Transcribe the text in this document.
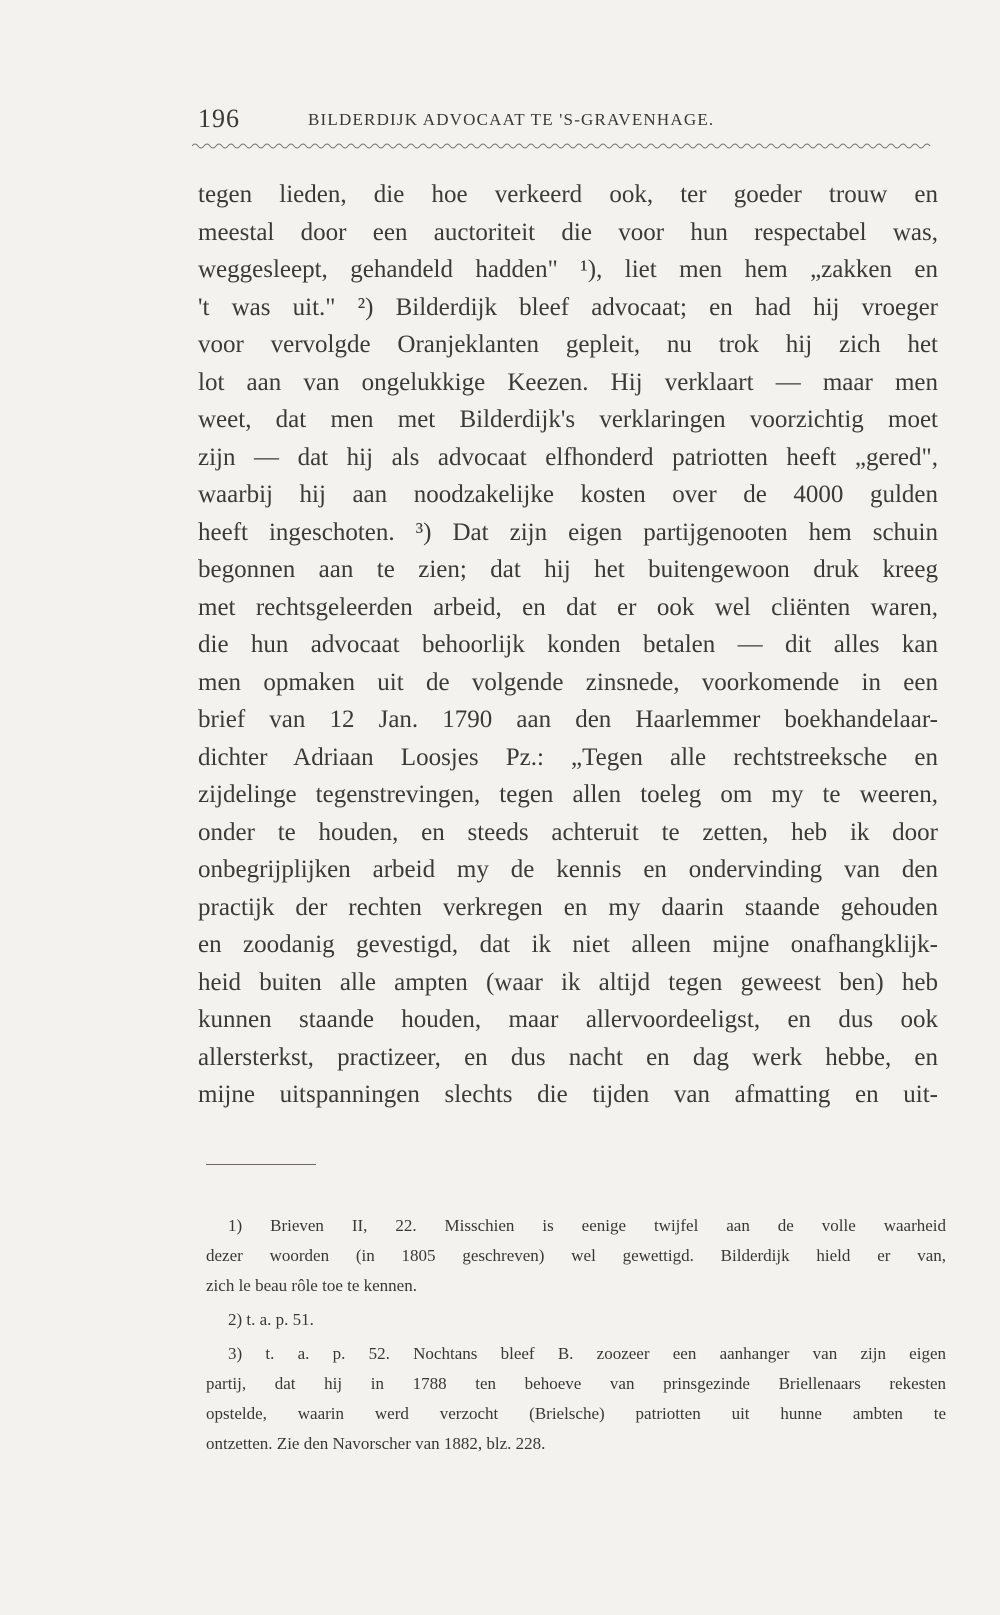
196	BILDERDIJK ADVOCAAT TE 'S-GRAVENHAGE.
tegen lieden, die hoe verkeerd ook, ter goeder trouw en
meestal door een auctoriteit die voor hun respectabel was,
weggesleept, gehandeld hadden" ¹), liet men hem „zakken en
't was uit." ²) Bilderdijk bleef advocaat; en had hij vroeger
voor vervolgde Oranjeklanten gepleit, nu trok hij zich het
lot aan van ongelukkige Keezen. Hij verklaart — maar men
weet, dat men met Bilderdijk's verklaringen voorzichtig moet
zijn — dat hij als advocaat elfhonderd patriotten heeft „gered",
waarbij hij aan noodzakelijke kosten over de 4000 gulden
heeft ingeschoten. ³) Dat zijn eigen partijgenooten hem schuin
begonnen aan te zien; dat hij het buitengewoon druk kreeg
met rechtsgeleerden arbeid, en dat er ook wel cliënten waren,
die hun advocaat behoorlijk konden betalen — dit alles kan
men opmaken uit de volgende zinsnede, voorkomende in een
brief van 12 Jan. 1790 aan den Haarlemmer boekhandelaar-
dichter Adriaan Loosjes Pz.: „Tegen alle rechtstreeksche en
zijdelinge tegenstrevingen, tegen allen toeleg om my te weeren,
onder te houden, en steeds achteruit te zetten, heb ik door
onbegrijplijken arbeid my de kennis en ondervinding van den
practijk der rechten verkregen en my daarin staande gehouden
en zoodanig gevestigd, dat ik niet alleen mijne onafhangklijk-
heid buiten alle ampten (waar ik altijd tegen geweest ben) heb
kunnen staande houden, maar allervoordeeligst, en dus ook
allersterkst, practizeer, en dus nacht en dag werk hebbe, en
mijne uitspanningen slechts die tijden van afmatting en uit-
1) Brieven II, 22. Misschien is eenige twijfel aan de volle waarheid
dezer woorden (in 1805 geschreven) wel gewettigd. Bilderdijk hield er van,
zich le beau rôle toe te kennen.
2) t. a. p. 51.
3) t. a. p. 52. Nochtans bleef B. zoozeer een aanhanger van zijn eigen
partij, dat hij in 1788 ten behoeve van prinsgezinde Briellenaars rekesten
opstelde, waarin werd verzocht (Brielsche) patriotten uit hunne ambten te
ontzetten. Zie den Navorscher van 1882, blz. 228.
